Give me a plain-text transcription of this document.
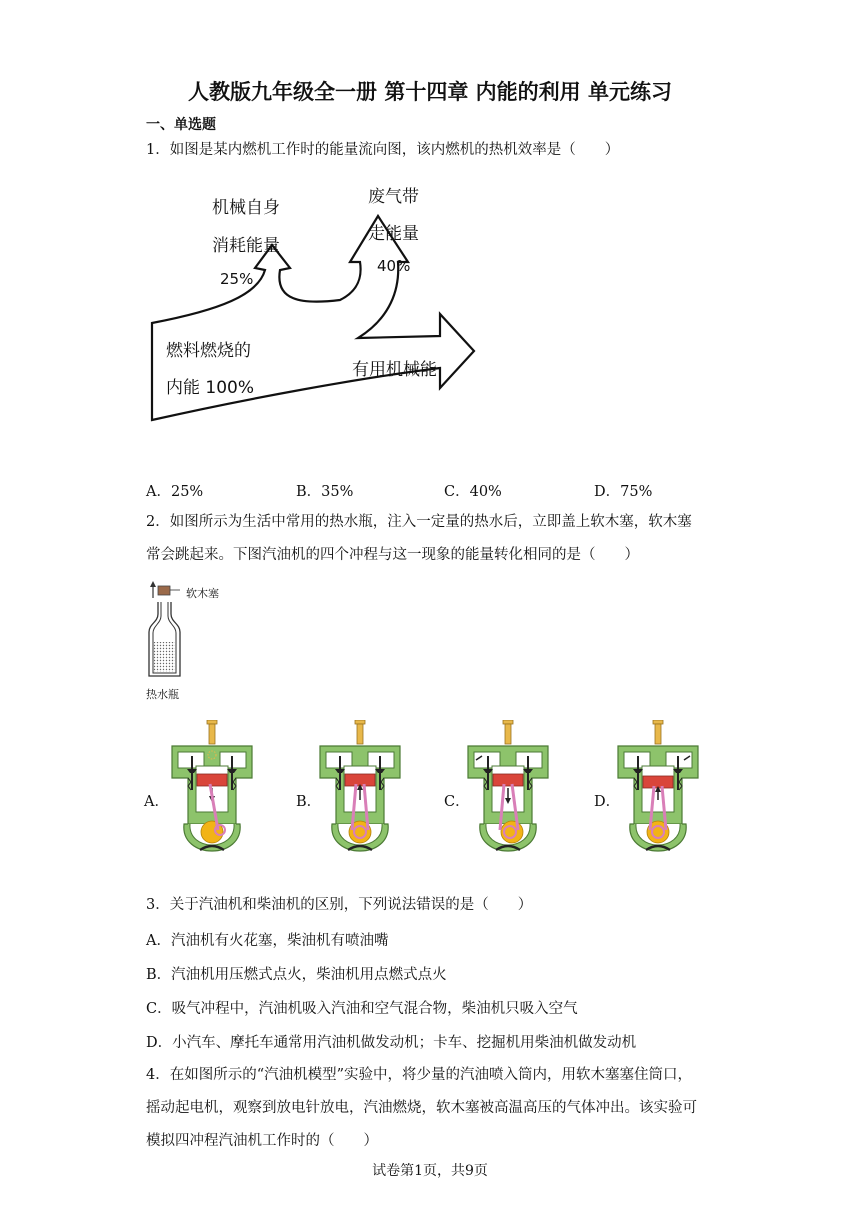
人教版九年级全一册 第十四章 内能的利用 单元练习
一、单选题
1．如图是某内燃机工作时的能量流向图，该内燃机的热机效率是（　　）
机械自身
消耗能量
25%
废气带
走能量
40%
燃料燃烧的
内能 100%
有用机械能
A．25%	B．35%	C．40%	D．75%
2．如图所示为生活中常用的热水瓶，注入一定量的热水后，立即盖上软木塞，软木塞
常会跳起来。下图汽油机的四个冲程与这一现象的能量转化相同的是（　　）
软木塞
热水瓶
A．	B．	C．	D．
3．关于汽油机和柴油机的区别，下列说法错误的是（　　）
A．汽油机有火花塞，柴油机有喷油嘴
B．汽油机用压燃式点火，柴油机用点燃式点火
C．吸气冲程中，汽油机吸入汽油和空气混合物，柴油机只吸入空气
D．小汽车、摩托车通常用汽油机做发动机；卡车、挖掘机用柴油机做发动机
4．在如图所示的“汽油机模型”实验中，将少量的汽油喷入筒内，用软木塞塞住筒口，
摇动起电机，观察到放电针放电，汽油燃烧，软木塞被高温高压的气体冲出。该实验可
模拟四冲程汽油机工作时的（　　）
试卷第1页，共9页
